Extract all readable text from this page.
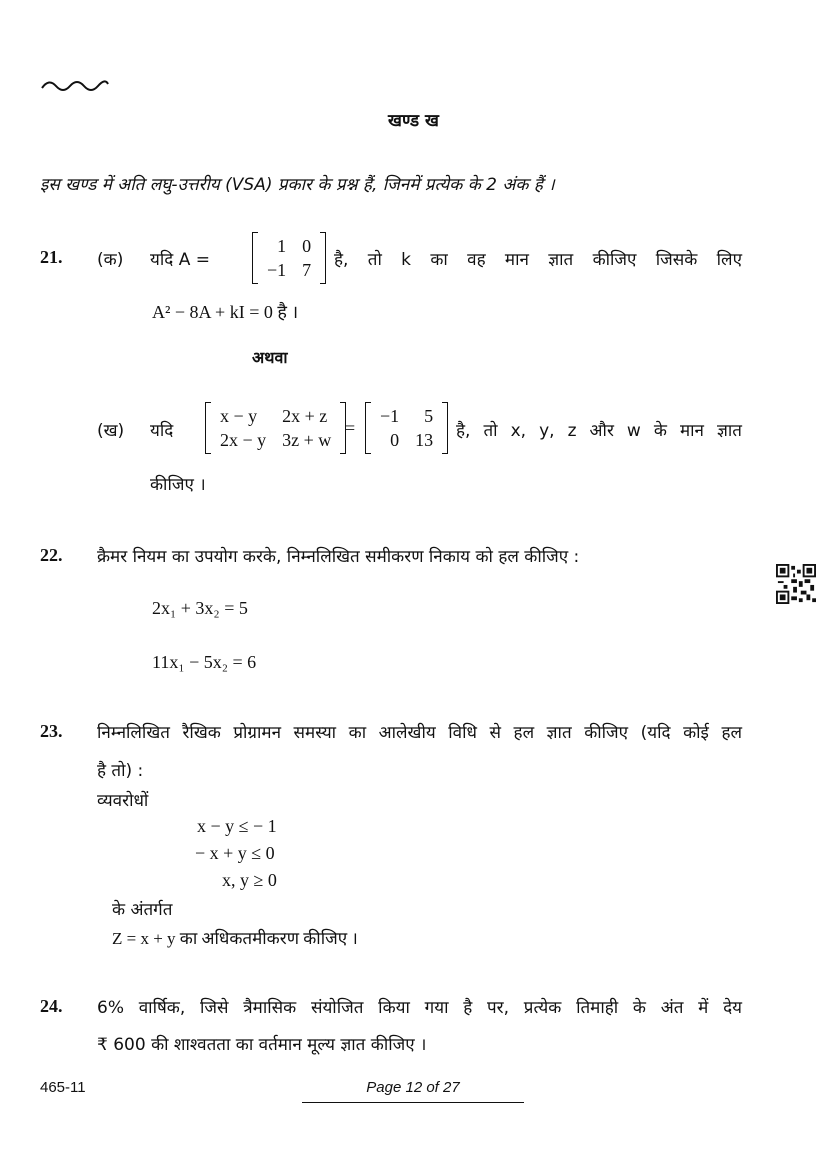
खण्ड ख
इस खण्ड में अति लघु-उत्तरीय (VSA) प्रकार के प्रश्न हैं, जिनमें प्रत्येक के 2 अंक हैं ।
21. (क) यदि A =
1	0
−1	7 है, तो k का वह मान ज्ञात कीजिए जिसके लिए
A² − 8A + kI = 0 है ।
अथवा
(ख) यदि
x − y	2x + z
2x − y	3z + w
=
−1	5
0	13 है, तो x, y, z और w के मान ज्ञात
कीजिए ।
22. क्रैमर नियम का उपयोग करके, निम्नलिखित समीकरण निकाय को हल कीजिए :
2x₁ + 3x₂ = 5
11x₁ − 5x₂ = 6
23. निम्नलिखित रैखिक प्रोग्रामन समस्या का आलेखीय विधि से हल ज्ञात कीजिए (यदि कोई हल
है तो) :
व्यवरोधों
x − y ≤ − 1
− x + y ≤ 0
x, y ≥ 0
के अंतर्गत
Z = x + y का अधिकतमीकरण कीजिए ।
24. 6% वार्षिक, जिसे त्रैमासिक संयोजित किया गया है पर, प्रत्येक तिमाही के अंत में देय
₹ 600 की शाश्वतता का वर्तमान मूल्य ज्ञात कीजिए ।
465-11	Page 12 of 27
